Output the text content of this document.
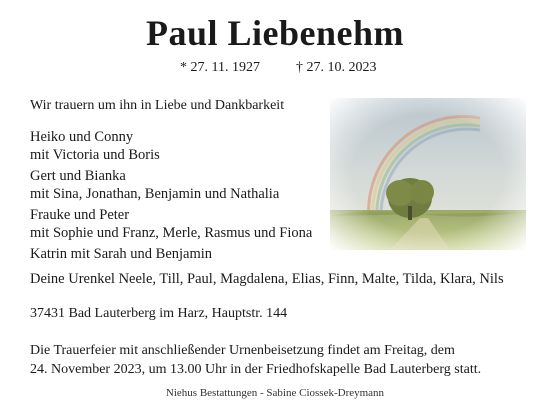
Paul Liebenehm
* 27. 11. 1927	† 27. 10. 2023
Wir trauern um ihn in Liebe und Dankbarkeit
Heiko und Conny
mit Victoria und Boris
Gert und Bianka
mit Sina, Jonathan, Benjamin und Nathalia
Frauke und Peter
mit Sophie und Franz, Merle, Rasmus und Fiona
Katrin mit Sarah und Benjamin
Deine Urenkel Neele, Till, Paul, Magdalena, Elias, Finn, Malte, Tilda, Klara, Nils
37431 Bad Lauterberg im Harz, Hauptstr. 144
Die Trauerfeier mit anschließender Urnenbeisetzung findet am Freitag, dem
24. November 2023, um 13.00 Uhr in der Friedhofskapelle Bad Lauterberg statt.
Niehus Bestattungen - Sabine Ciossek-Dreymann
